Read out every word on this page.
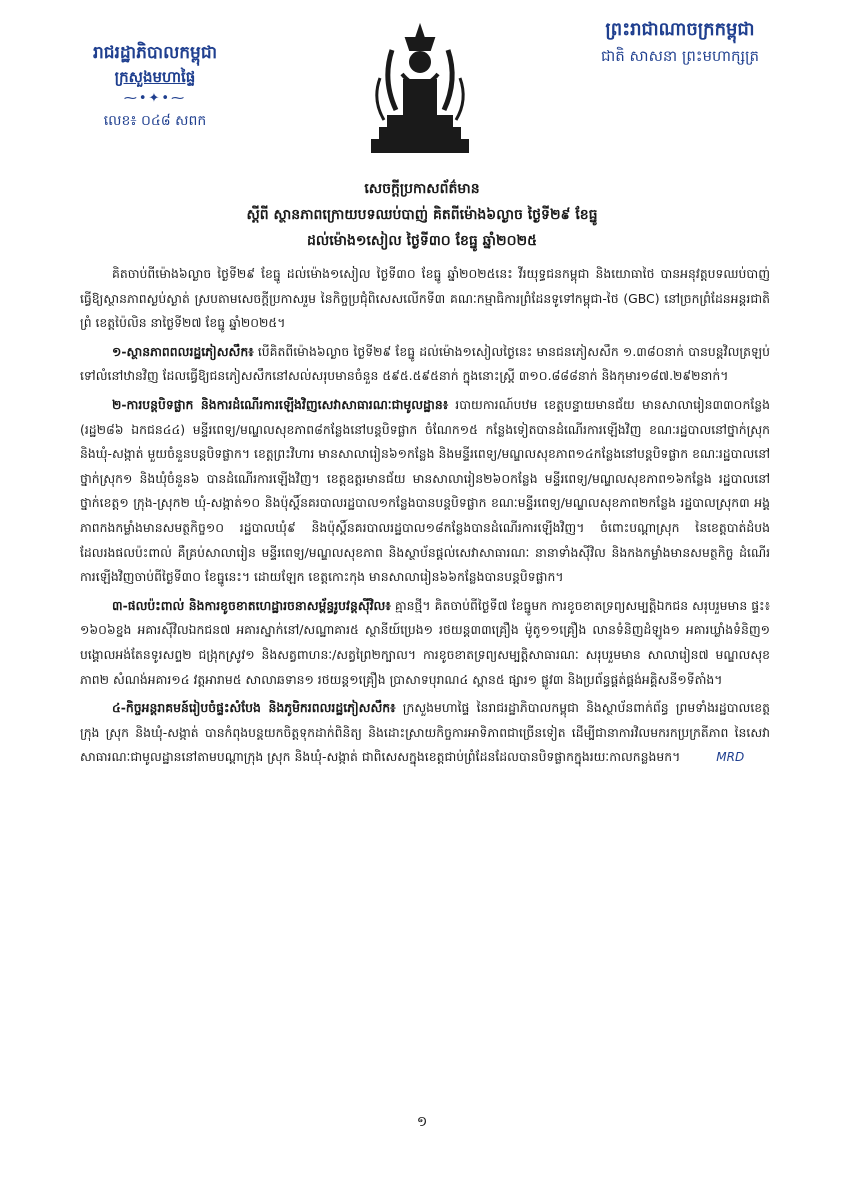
រាជរដ្ឋាភិបាលកម្ពុជា
ក្រសួងមហាផ្ទៃ
⁓•✦•⁓
លេខ៖ ០៤៨ សពក
ព្រះរាជាណាចក្រកម្ពុជា
ជាតិ សាសនា ព្រះមហាក្សត្រ
សេចក្តីប្រកាសព័ត៌មាន
ស្តីពី ស្ថានភាពក្រោយបទឈប់បាញ់ គិតពីម៉ោង៦ល្ងាច ថ្ងៃទី២៩ ខែធ្នូ
ដល់ម៉ោង១សៀល ថ្ងៃទី៣០ ខែធ្នូ ឆ្នាំ២០២៥

គិតចាប់ពីម៉ោង៦ល្ងាច ថ្ងៃទី២៩ ខែធ្នូ ដល់ម៉ោង១សៀល ថ្ងៃទី៣០ ខែធ្នូ ឆ្នាំ២០២៥នេះ វីរយុទ្ធជនកម្ពុជា និងយោធាថៃ បានអនុវត្តបទឈប់បាញ់ ធ្វើឱ្យស្ថានភាពស្ងប់ស្ងាត់ ស្របតាមសេចក្តីប្រកាសរួម នៃកិច្ចប្រជុំពិសេសលើកទី៣ គណៈកម្មាធិការព្រំដែនទូទៅកម្ពុជា-ថៃ (GBC) នៅច្រកព្រំដែនអន្តរជាតិព្រំ ខេត្តប៉ៃលិន នាថ្ងៃទី២៧ ខែធ្នូ ឆ្នាំ២០២៥។

១-ស្ថានភាពពលរដ្ឋភៀសសឹក៖ បើគិតពីម៉ោង៦ល្ងាច ថ្ងៃទី២៩ ខែធ្នូ ដល់ម៉ោង១សៀលថ្ងៃនេះ មានជនភៀសសឹក ១.៣៨០នាក់ បានបន្តវិលត្រឡប់ទៅលំនៅឋានវិញ ដែលធ្វើឱ្យជនភៀសសឹកនៅសល់សរុបមានចំនួន ៥៩៥.៥៩៥នាក់ ក្នុងនោះស្ត្រី ៣១០.៨៨៨នាក់ និងកុមារ១៨៧.២៩២នាក់។

២-ការបន្តបិទផ្លាក និងការដំណើរការឡើងវិញសេវាសាធារណៈជាមូលដ្ឋាន៖ របាយការណ៍បឋម ខេត្តបន្ទាយមានជ័យ មានសាលារៀន៣៣០កន្លែង (រដ្ឋ២៨៦ ឯកជន៤៤) មន្ទីរពេទ្យ/មណ្ឌលសុខភាព៨កន្លែងនៅបន្តបិទផ្លាក ចំណែក១៥ កន្លែងទៀតបានដំណើរការឡើងវិញ ខណៈរដ្ឋបាលនៅថ្នាក់ស្រុក និងឃុំ-សង្កាត់ មួយចំនួនបន្តបិទផ្លាក។ ខេត្តព្រះវិហារ មានសាលារៀន៦១កន្លែង និងមន្ទីរពេទ្យ/មណ្ឌលសុខភាព១៤កន្លែងនៅបន្តបិទផ្លាក ខណៈរដ្ឋបាលនៅថ្នាក់ស្រុក១ និងឃុំចំនួន៦ បានដំណើរការឡើងវិញ។ ខេត្តឧត្តរមានជ័យ មានសាលារៀន២៦០កន្លែង មន្ទីរពេទ្យ/មណ្ឌលសុខភាព១៦កន្លែង រដ្ឋបាលនៅថ្នាក់ខេត្ត១ ក្រុង-ស្រុក២ ឃុំ-សង្កាត់១០ និងប៉ុស្តិ៍នគរបាលរដ្ឋបាល១កន្លែងបានបន្តបិទផ្លាក ខណៈមន្ទីរពេទ្យ/មណ្ឌលសុខភាព២កន្លែង រដ្ឋបាលស្រុក៣ អង្គភាពកងកម្លាំងមានសមត្ថកិច្ច១០ រដ្ឋបាលឃុំ៩ និងប៉ុស្តិ៍នគរបាលរដ្ឋបាល១៨កន្លែងបានដំណើរការឡើងវិញ។ ចំពោះបណ្តាស្រុក នៃខេត្តបាត់ដំបង ដែលរងផលប៉ះពាល់ គឺគ្រប់សាលារៀន មន្ទីរពេទ្យ/មណ្ឌលសុខភាព និងស្ថាប័នផ្តល់សេវាសាធារណៈ នានាទាំងស៊ីវិល និងកងកម្លាំងមានសមត្ថកិច្ច ដំណើរការឡើងវិញចាប់ពីថ្ងៃទី៣០ ខែធ្នូនេះ។ ដោយឡែក ខេត្តកោះកុង មានសាលារៀន៦៦កន្លែងបានបន្តបិទផ្លាក។

៣-ផលប៉ះពាល់ និងការខូចខាតហេដ្ឋារចនាសម្ព័ន្ធរូបវន្តស៊ីវិល៖ គ្មានថ្មី។ គិតចាប់ពីថ្ងៃទី៧ ខែធ្នូមក ការខូចខាតទ្រព្យសម្បត្តិឯកជន សរុបរួមមាន ផ្ទះ៖១៦០៦ខ្នង អគារស៊ីវិលឯកជន៧ អគារស្នាក់នៅ/សណ្ឋាគារ៥ ស្ថានីយ៍ប្រេង១ រថយន្ត៣៣គ្រឿង ម៉ូតូ១១គ្រឿង លានទំនិញដំឡូង១ អគារឃ្លាំងទំនិញ១ បង្គោលអង់តែនទូរសព្ទ២ ជង្រុកស្រូវ១ និងសត្វពាហនៈ/សត្វព្រៃ២ក្បាល។ ការខូចខាតទ្រព្យសម្បត្តិសាធារណៈ សរុបរួមមាន សាលារៀន៧ មណ្ឌលសុខភាព២ សំណង់អគារ១៤ វត្តអារាម៥ សាលាឆទាន១ រថយន្ត១គ្រឿង ប្រាសាទបុរាណ៤ ស្ពាន៥ ផ្សារ១ ផ្លូវ៣ និងប្រព័ន្ធផ្គត់ផ្គង់អគ្គិសនី១ទីតាំង។

៤-កិច្ចអន្តរាគមន៍រៀបចំផ្ទះសំបែង និងភូមិករពលរដ្ឋភៀសសឹក៖ ក្រសួងមហាផ្ទៃ នៃរាជរដ្ឋាភិបាលកម្ពុជា និងស្ថាប័នពាក់ព័ន្ធ ព្រមទាំងរដ្ឋបាលខេត្ត ក្រុង ស្រុក និងឃុំ-សង្កាត់ បានកំពុងបន្តយកចិត្តទុកដាក់ពិនិត្យ និងដោះស្រាយកិច្ចការអាទិភាពជាច្រើនទៀត ដើម្បីជានាការវិលមករកប្រក្រតីភាព នៃសេវាសាធារណៈជាមូលដ្ឋាននៅតាមបណ្តាក្រុង ស្រុក និងឃុំ-សង្កាត់ ជាពិសេសក្នុងខេត្តជាប់ព្រំដែនដែលបានបិទផ្លាកក្នុងរយៈកាលកន្លងមក។	MRD

១
